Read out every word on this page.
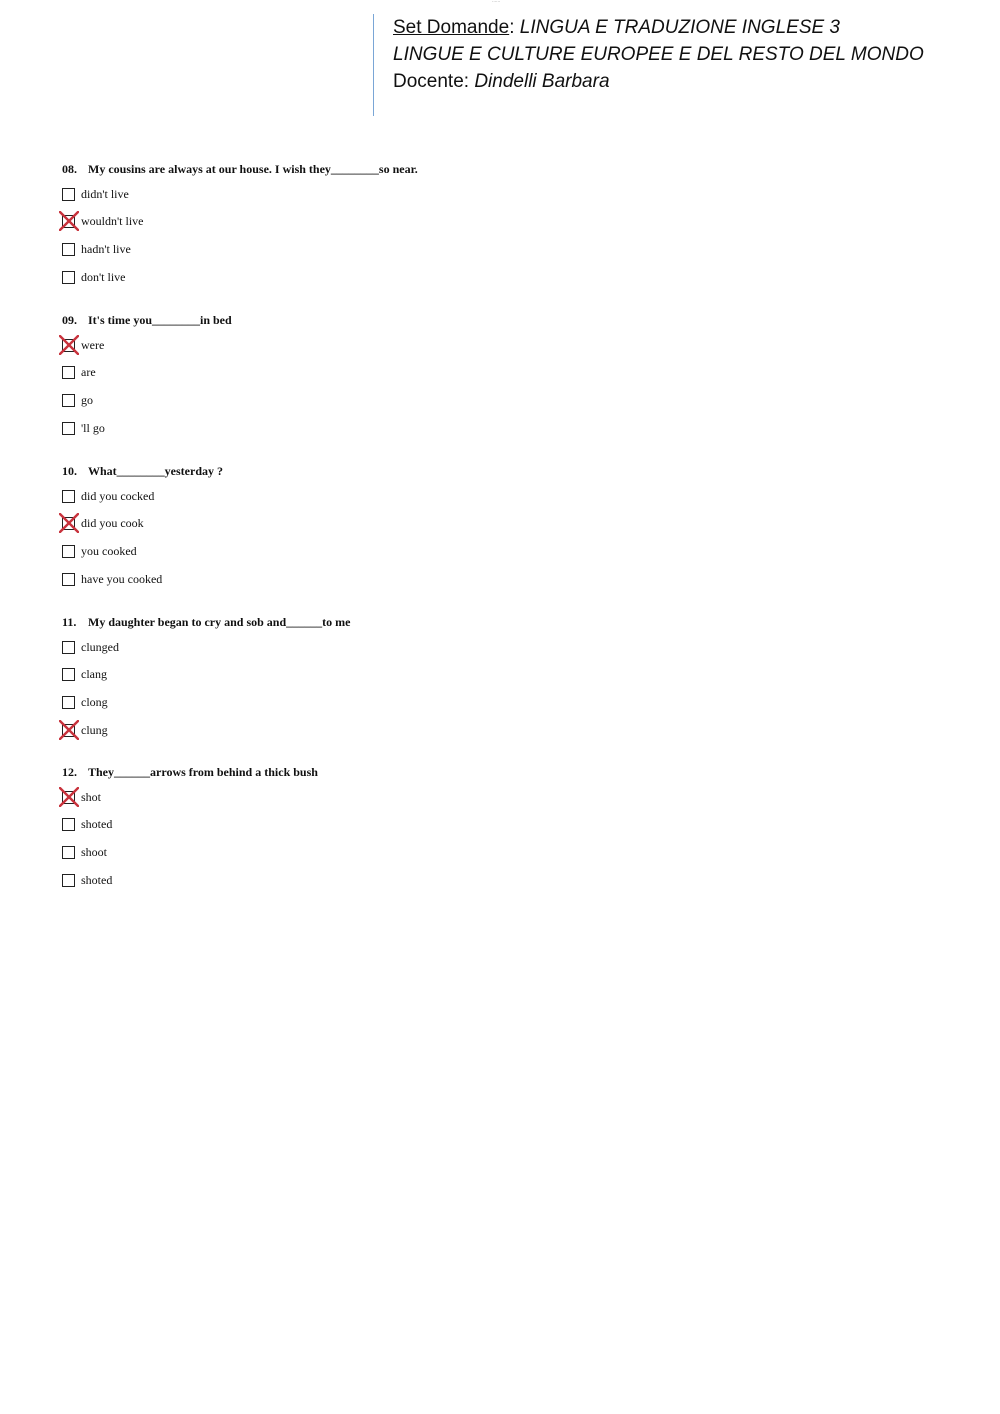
......
Set Domande: LINGUA E TRADUZIONE INGLESE 3
LINGUE E CULTURE EUROPEE E DEL RESTO DEL MONDO
Docente: Dindelli Barbara
08. My cousins are always at our house. I wish they________so near.
didn't live
wouldn't live
hadn't live
don't live
09. It's time you________in bed
were
are
go
'll go
10. What________yesterday ?
did you cocked
did you cook
you cooked
have you cooked
11. My daughter began to cry and sob and______to me
clunged
clang
clong
clung
12. They______arrows from behind a thick bush
shot
shoted
shoot
shoted
